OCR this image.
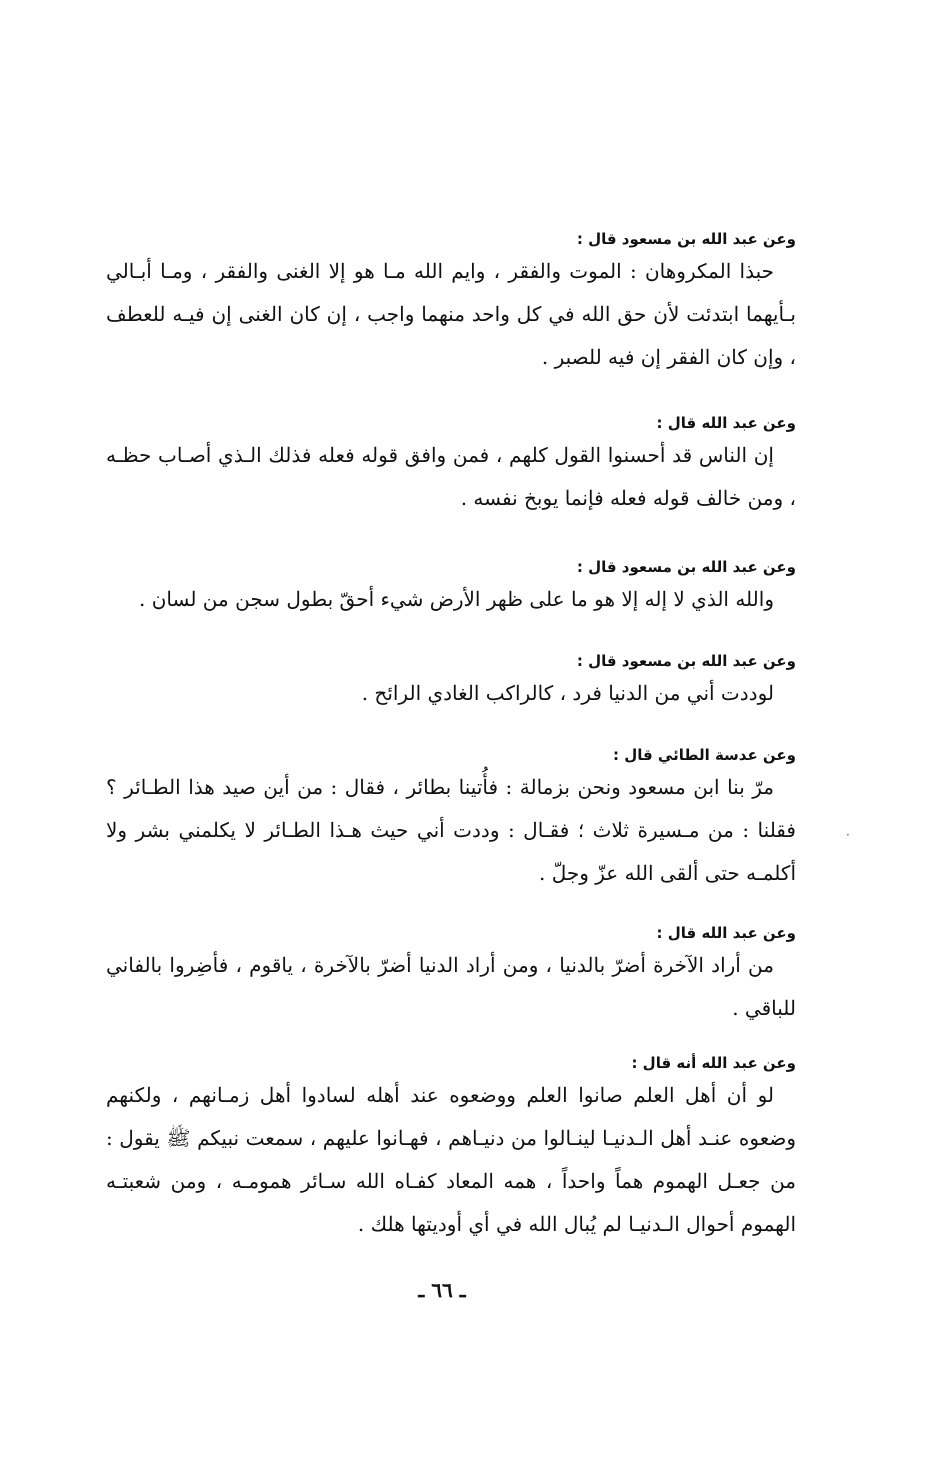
وعن عبد الله بن مسعود قال :

حبذا المكروهان : الموت والفقر ، وايم الله مـا هو إلا الغنى والفقر ، ومـا أبـالي بـأيهما ابتدئت لأن حق الله في كل واحد منهما واجب ، إن كان الغنى إن فيـه للعطف ، وإن كان الفقر إن فيه للصبر .

وعن عبد الله قال :

إن الناس قد أحسنوا القول كلهم ، فمن وافق قوله فعله فذلك الـذي أصـاب حظـه ، ومن خالف قوله فعله فإنما يوبخ نفسه .

وعن عبد الله بن مسعود قال :

والله الذي لا إله إلا هو ما على ظهر الأرض شيء أحقّ بطول سجن من لسان .

وعن عبد الله بن مسعود قال :

لوددت أني من الدنيا فرد ، كالراكب الغادي الرائح .

وعن عدسة الطائي قال :

مرّ بنا ابن مسعود ونحن بزمالة : فأُتينا بطائر ، فقال : من أين صيد هذا الطـائر ؟ فقلنا : من مـسيرة ثلاث ؛ فقـال : وددت أني حيث هـذا الطـائر لا يكلمني بشر ولا أكلمـه حتى ألقى الله عزّ وجلّ .

وعن عبد الله قال :

من أراد الآخرة أضرّ بالدنيا ، ومن أراد الدنيا أضرّ بالآخرة ، ياقوم ، فأضِروا بالفاني للباقي .

وعن عبد الله أنه قال :

لو أن أهل العلم صانوا العلم ووضعوه عند أهله لسادوا أهل زمـانهم ، ولكنهم وضعوه عنـد أهل الـدنيـا لينـالوا من دنيـاهم ، فهـانوا عليهم ، سمعت نبيكم ﷺ يقول : من جعـل الهموم هماً واحداً ، همه المعاد كفـاه الله سـائر همومـه ، ومن شعبتـه الهموم أحوال الـدنيـا لم يُبال الله في أي أوديتها هلك .

ـ ٦٦ ـ
·
